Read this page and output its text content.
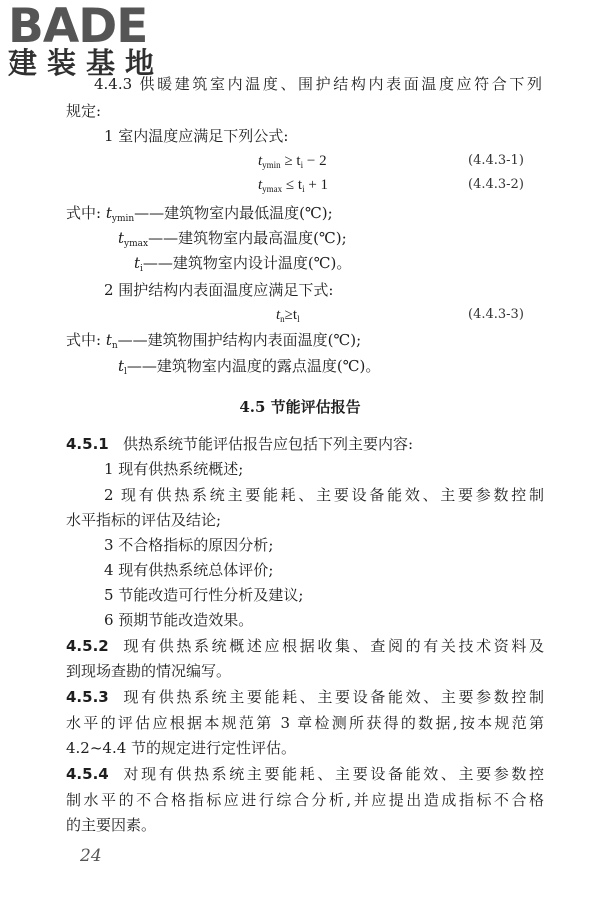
BADE
建装基地
4.4.3 供暖建筑室内温度、围护结构内表面温度应符合下列
规定:
1 室内温度应满足下列公式:
$t_{ymin} \ge t_i - 2$	(4.4.3-1)
$t_{ymax} \le t_i + 1$	(4.4.3-2)
式中: $t_{ymin}——$建筑物室内最低温度(℃);
$t_{ymax}——$建筑物室内最高温度(℃);
$t_i——$建筑物室内设计温度(℃)。
2 围护结构内表面温度应满足下式:
$t_n\ge t_l$	(4.4.3-3)
式中: $t_n——$建筑物围护结构内表面温度(℃);
$t_l——$建筑物室内温度的露点温度(℃)。
4.5 节能评估报告
4.5.1 供热系统节能评估报告应包括下列主要内容:
1 现有供热系统概述;
2 现有供热系统主要能耗、主要设备能效、主要参数控制
水平指标的评估及结论;
3 不合格指标的原因分析;
4 现有供热系统总体评价;
5 节能改造可行性分析及建议;
6 预期节能改造效果。
4.5.2 现有供热系统概述应根据收集、查阅的有关技术资料及
到现场查勘的情况编写。
4.5.3 现有供热系统主要能耗、主要设备能效、主要参数控制
水平的评估应根据本规范第 3 章检测所获得的数据,按本规范第
4.2~4.4 节的规定进行定性评估。
4.5.4 对现有供热系统主要能耗、主要设备能效、主要参数控
制水平的不合格指标应进行综合分析,并应提出造成指标不合格
的主要因素。
24
